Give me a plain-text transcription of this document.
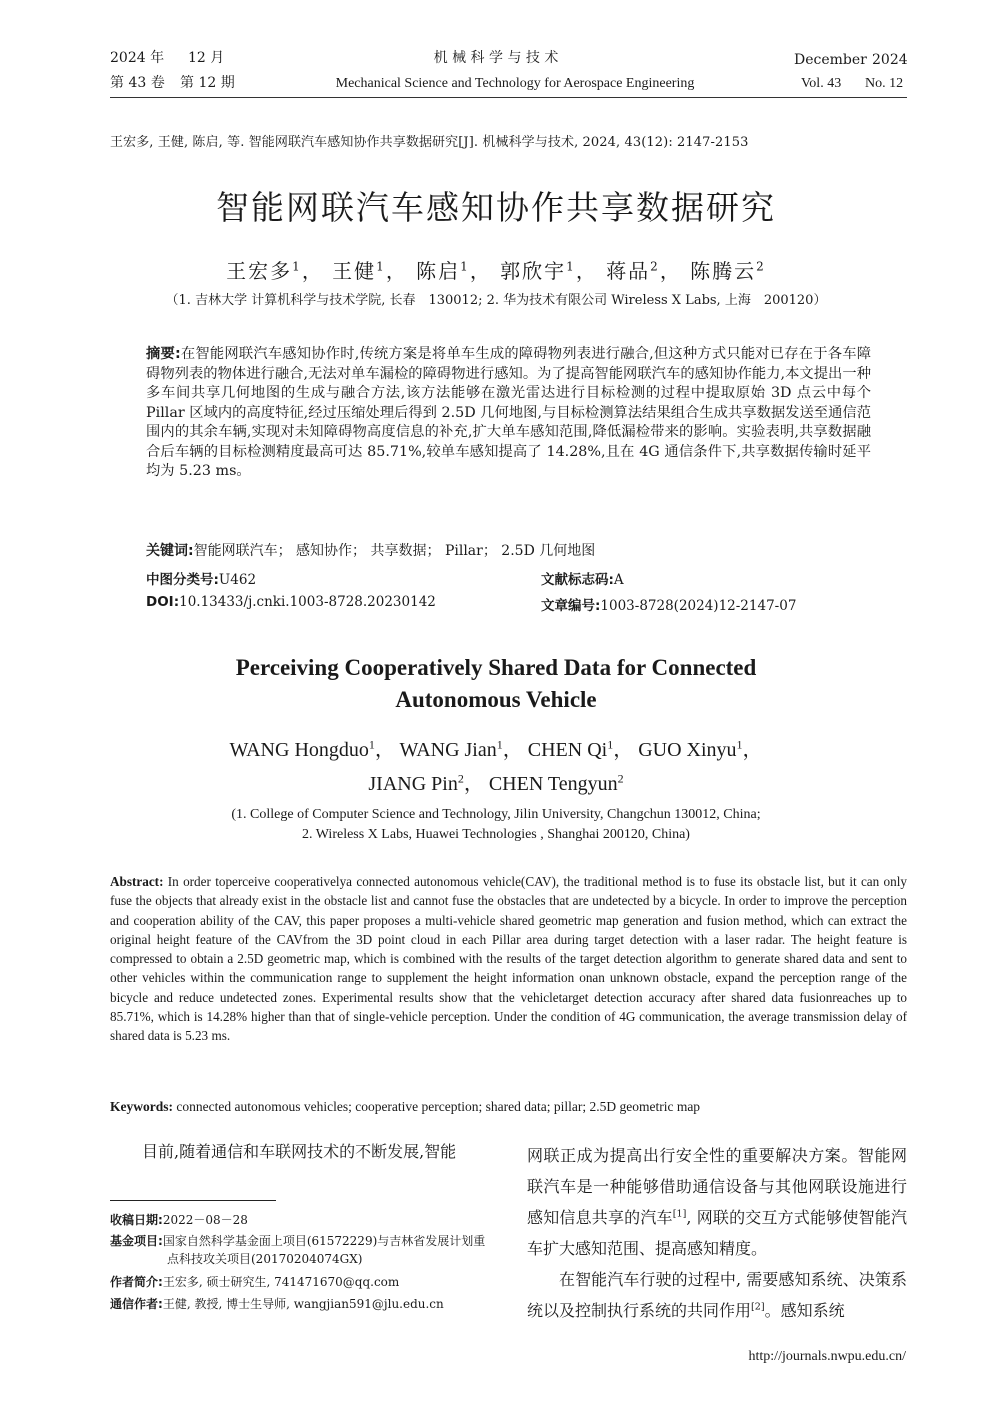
2024 年 12 月	机 械 科 学 与 技 术	December 2024
第 43 卷 第 12 期	Mechanical Science and Technology for Aerospace Engineering	Vol. 43 No. 12
王宏多, 王健, 陈启, 等. 智能网联汽车感知协作共享数据研究[J]. 机械科学与技术, 2024, 43(12): 2147-2153
智能网联汽车感知协作共享数据研究
王宏多$^1$， 王健$^1$， 陈启$^1$， 郭欣宇$^1$， 蒋品$^2$， 陈腾云$^2$
（1. 吉林大学 计算机科学与技术学院, 长春　130012; 2. 华为技术有限公司 Wireless X Labs, 上海　200120）
摘要:在智能网联汽车感知协作时,传统方案是将单车生成的障碍物列表进行融合,但这种方式只能对已存在于各车障碍物列表的物体进行融合,无法对单车漏检的障碍物进行感知。为了提高智能网联汽车的感知协作能力,本文提出一种多车间共享几何地图的生成与融合方法,该方法能够在激光雷达进行目标检测的过程中提取原始 3D 点云中每个 Pillar 区域内的高度特征,经过压缩处理后得到 2.5D 几何地图,与目标检测算法结果组合生成共享数据发送至通信范围内的其余车辆,实现对未知障碍物高度信息的补充,扩大单车感知范围,降低漏检带来的影响。实验表明,共享数据融合后车辆的目标检测精度最高可达 85.71%,较单车感知提高了 14.28%,且在 4G 通信条件下,共享数据传输时延平均为 5.23 ms。
关键词:智能网联汽车； 感知协作； 共享数据； Pillar； 2.5D 几何地图
中图分类号:U462	文献标志码:A
DOI:10.13433/j.cnki.1003-8728.20230142	文章编号:1003-8728(2024)12-2147-07
Perceiving Cooperatively Shared Data for Connected
Autonomous Vehicle
WANG Hongduo$^1$， WANG Jian$^1$， CHEN Qi$^1$， GUO Xinyu$^1$，
JIANG Pin$^2$， CHEN Tengyun$^2$
(1. College of Computer Science and Technology, Jilin University, Changchun 130012, China;
2. Wireless X Labs, Huawei Technologies , Shanghai 200120, China)
Abstract: In order toperceive cooperativelya connected autonomous vehicle(CAV), the traditional method is to fuse its obstacle list, but it can only fuse the objects that already exist in the obstacle list and cannot fuse the obstacles that are undetected by a bicycle. In order to improve the perception and cooperation ability of the CAV, this paper proposes a multi-vehicle shared geometric map generation and fusion method, which can extract the original height feature of the CAVfrom the 3D point cloud in each Pillar area during target detection with a laser radar. The height feature is compressed to obtain a 2.5D geometric map, which is combined with the results of the target detection algorithm to generate shared data and sent to other vehicles within the communication range to supplement the height information onan unknown obstacle, expand the perception range of the bicycle and reduce undetected zones. Experimental results show that the vehicletarget detection accuracy after shared data fusionreaches up to 85.71%, which is 14.28% higher than that of single-vehicle perception. Under the condition of 4G communication, the average transmission delay of shared data is 5.23 ms.
Keywords: connected autonomous vehicles; cooperative perception; shared data; pillar; 2.5D geometric map
目前,随着通信和车联网技术的不断发展,智能
收稿日期:2022－08－28
基金项目:国家自然科学基金面上项目(61572229)与吉林省发展计划重点科技攻关项目(20170204074GX)
作者简介:王宏多, 硕士研究生, 741471670@qq.com
通信作者:王健, 教授, 博士生导师, wangjian591@jlu.edu.cn

网联正成为提高出行安全性的重要解决方案。智能网联汽车是一种能够借助通信设备与其他网联设施进行感知信息共享的汽车[1], 网联的交互方式能够使智能汽车扩大感知范围、提高感知精度。

在智能汽车行驶的过程中, 需要感知系统、决策系统以及控制执行系统的共同作用[2]。感知系统

http://journals.nwpu.edu.cn/
